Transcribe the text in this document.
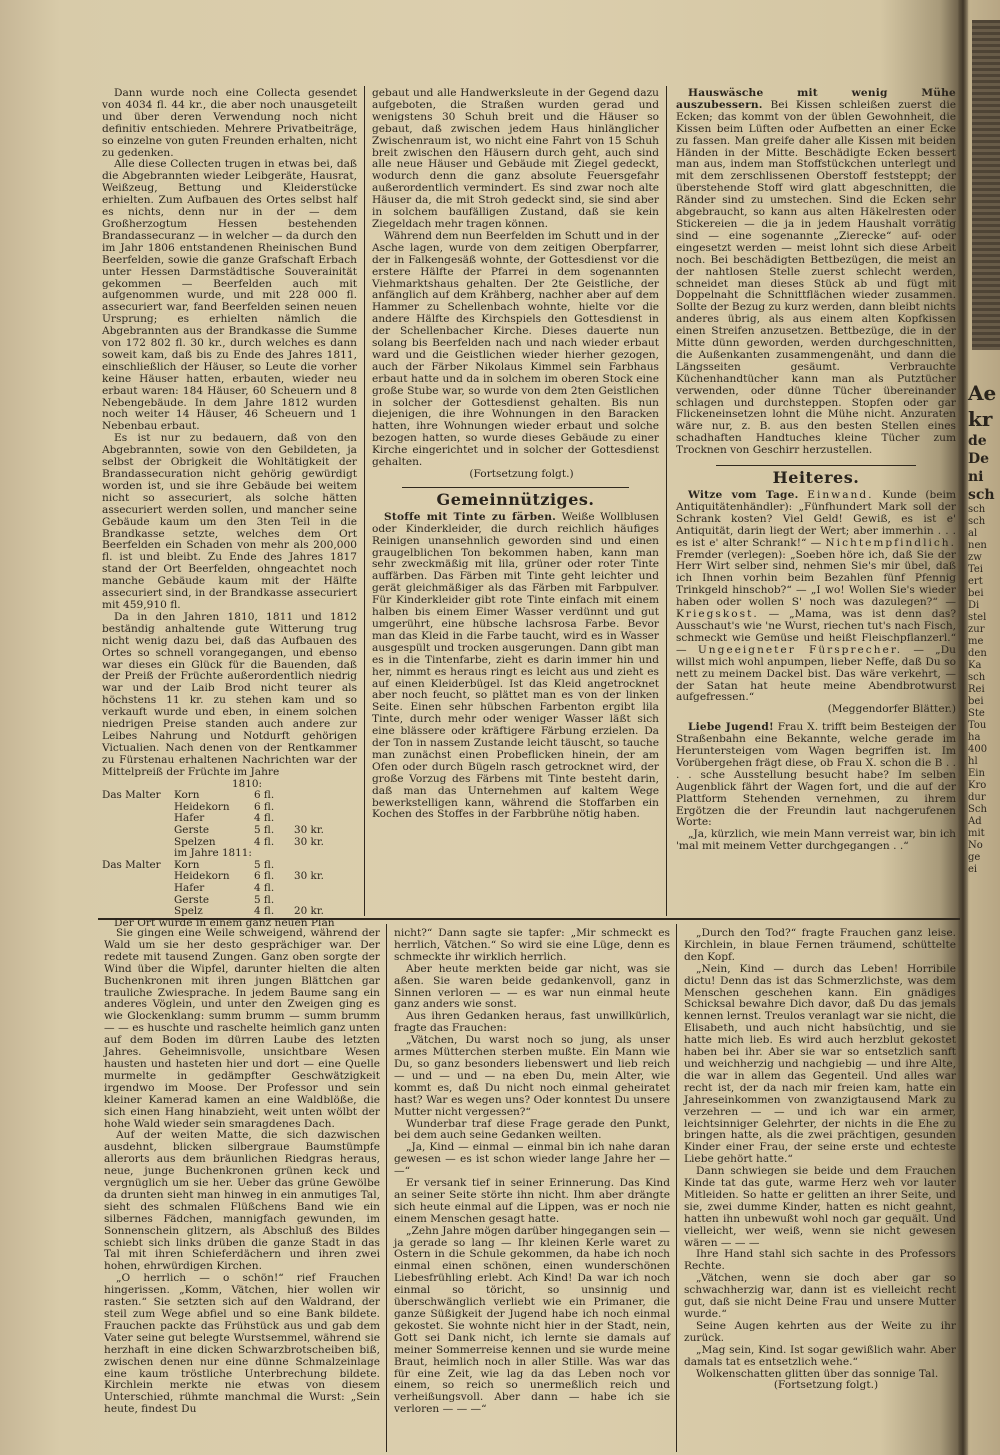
Dann wurde noch eine Collecta gesendet von 4034 fl. 44 kr., die aber noch unausgeteilt und über deren Verwendung noch nicht definitiv entschieden. Mehrere Privatbeiträge, so einzelne von guten Freunden erhalten, nicht zu gedenken.

Alle diese Collecten trugen in etwas bei, daß die Abgebrannten wieder Leibgeräte, Hausrat, Weißzeug, Bettung und Kleiderstücke erhielten. Zum Aufbauen des Ortes selbst half es nichts, denn nur in der — dem Großherzogtum Hessen bestehenden Brandassecuranz — in welcher — da durch den im Jahr 1806 entstandenen Rheinischen Bund Beerfelden, sowie die ganze Grafschaft Erbach unter Hessen Darmstädtische Souverainität gekommen — Beerfelden auch mit aufgenommen wurde, und mit 228 000 fl. assecuriert war, fand Beerfelden seinen neuen Ursprung; es erhielten nämlich die Abgebrannten aus der Brandkasse die Summe von 172 802 fl. 30 kr., durch welches es dann soweit kam, daß bis zu Ende des Jahres 1811, einschließlich der Häuser, so Leute die vorher keine Häuser hatten, erbauten, wieder neu erbaut waren: 184 Häuser, 60 Scheuern und 8 Nebengebäude. In dem Jahre 1812 wurden noch weiter 14 Häuser, 46 Scheuern und 1 Nebenbau erbaut.

Es ist nur zu bedauern, daß von den Abgebrannten, sowie von den Gebildeten, ja selbst der Obrigkeit die Wohltätigkeit der Brandassecuration nicht gehörig gewürdigt worden ist, und sie ihre Gebäude bei weitem nicht so assecuriert, als solche hätten assecuriert werden sollen, und mancher seine Gebäude kaum um den 3ten Teil in die Brandkasse setzte, welches dem Ort Beerfelden ein Schaden von mehr als 200,000 fl. ist und bleibt. Zu Ende des Jahres 1817 stand der Ort Beerfelden, ohngeachtet noch manche Gebäude kaum mit der Hälfte assecuriert sind, in der Brandkasse assecuriert mit 459,910 fl.

Da in den Jahren 1810, 1811 und 1812 beständig anhaltende gute Witterung trug nicht wenig dazu bei, daß das Aufbauen des Ortes so schnell vorangegangen, und ebenso war dieses ein Glück für die Bauenden, daß der Preiß der Früchte außerordentlich niedrig war und der Laib Brod nicht teurer als höchstens 11 kr. zu stehen kam und so verkauft wurde und eben, in einem solchen niedrigen Preise standen auch andere zur Leibes Nahrung und Notdurft gehörigen Victualien. Nach denen von der Rentkammer zu Fürstenau erhaltenen Nachrichten war der Mittelpreiß der Früchte im Jahre

1810:
Das Malter	Korn	6 fl.
Heidekorn	6 fl.
Hafer	4 fl.
Gerste	5 fl.	30 kr.
Spelzen	4 fl.	30 kr.
im Jahre 1811:
Das Malter	Korn	5 fl.
Heidekorn	6 fl.	30 kr.
Hafer	4 fl.
Gerste	5 fl.
Spelz	4 fl.	20 kr.

Der Ort wurde in einem ganz neuen Plan

gebaut und alle Handwerksleute in der Gegend dazu aufgeboten, die Straßen wurden gerad und wenigstens 30 Schuh breit und die Häuser so gebaut, daß zwischen jedem Haus hinlänglicher Zwischenraum ist, wo nicht eine Fahrt von 15 Schuh breit zwischen den Häusern durch geht, auch sind alle neue Häuser und Gebäude mit Ziegel gedeckt, wodurch denn die ganz absolute Feuersgefahr außerordentlich vermindert. Es sind zwar noch alte Häuser da, die mit Stroh gedeckt sind, sie sind aber in solchem baufälligen Zustand, daß sie kein Ziegeldach mehr tragen können.

Während dem nun Beerfelden im Schutt und in der Asche lagen, wurde von dem zeitigen Oberpfarrer, der in Falkengesäß wohnte, der Gottesdienst vor die erstere Hälfte der Pfarrei in dem sogenannten Viehmarktshaus gehalten. Der 2te Geistliche, der anfänglich auf dem Krähberg, nachher aber auf dem Hammer zu Schellenbach wohnte, hielte vor die andere Hälfte des Kirchspiels den Gottesdienst in der Schellenbacher Kirche. Dieses dauerte nun solang bis Beerfelden nach und nach wieder erbaut ward und die Geistlichen wieder hierher gezogen, auch der Färber Nikolaus Kimmel sein Farbhaus erbaut hatte und da in solchem im oberen Stock eine große Stube war, so wurde von dem 2ten Geistlichen in solcher der Gottesdienst gehalten. Bis nun diejenigen, die ihre Wohnungen in den Baracken hatten, ihre Wohnungen wieder erbaut und solche bezogen hatten, so wurde dieses Gebäude zu einer Kirche eingerichtet und in solcher der Gottesdienst gehalten.

(Fortsetzung folgt.)

Gemeinnütziges.

Stoffe mit Tinte zu färben. Weiße Wollblusen oder Kinderkleider, die durch reichlich häufiges Reinigen unansehnlich geworden sind und einen graugelblichen Ton bekommen haben, kann man sehr zweckmäßig mit lila, grüner oder roter Tinte auffärben. Das Färben mit Tinte geht leichter und gerät gleichmäßiger als das Färben mit Farbpulver. Für Kinderkleider gibt rote Tinte einfach mit einem halben bis einem Eimer Wasser verdünnt und gut umgerührt, eine hübsche lachsrosa Farbe. Bevor man das Kleid in die Farbe taucht, wird es in Wasser ausgespült und trocken ausgerungen. Dann gibt man es in die Tintenfarbe, zieht es darin immer hin und her, nimmt es heraus ringt es leicht aus und zieht es auf einen Kleiderbügel. Ist das Kleid angetrocknet aber noch feucht, so plättet man es von der linken Seite. Einen sehr hübschen Farbenton ergibt lila Tinte, durch mehr oder weniger Wasser läßt sich eine blässere oder kräftigere Färbung erzielen. Da der Ton in nassem Zustande leicht täuscht, so tauche man zunächst einen Probeflicken hinein, der am Ofen oder durch Bügeln rasch getrocknet wird, der große Vorzug des Färbens mit Tinte besteht darin, daß man das Unternehmen auf kaltem Wege bewerkstelligen kann, während die Stoffarben ein Kochen des Stoffes in der Farbbrühe nötig haben.

Hauswäsche mit wenig Mühe auszubessern. Bei Kissen schleißen zuerst die Ecken; das kommt von der üblen Gewohnheit, die Kissen beim Lüften oder Aufbetten an einer Ecke zu fassen. Man greife daher alle Kissen mit beiden Händen in der Mitte. Beschädigte Ecken bessert man aus, indem man Stoffstückchen unterlegt und mit dem zerschlissenen Oberstoff feststeppt; der überstehende Stoff wird glatt abgeschnitten, die Ränder sind zu umstechen. Sind die Ecken sehr abgebraucht, so kann aus alten Häkelresten oder Stickereien — die ja in jedem Haushalt vorrätig sind — eine sogenannte „Zierecke“ auf- oder eingesetzt werden — meist lohnt sich diese Arbeit noch. Bei beschädigten Bettbezügen, die meist an der nahtlosen Stelle zuerst schlecht werden, schneidet man dieses Stück ab und fügt mit Doppelnaht die Schnittflächen wieder zusammen. Sollte der Bezug zu kurz werden, dann bleibt nichts anderes übrig, als aus einem alten Kopfkissen einen Streifen anzusetzen. Bettbezüge, die in der Mitte dünn geworden, werden durchgeschnitten, die Außenkanten zusammengenäht, und dann die Längsseiten gesäumt. Verbrauchte Küchenhandtücher kann man als Putztücher verwenden, oder dünne Tücher übereinander schlagen und durchsteppen. Stopfen oder gar Flickeneinsetzen lohnt die Mühe nicht. Anzuraten wäre nur, z. B. aus den besten Stellen eines schadhaften Handtuches kleine Tücher zum Trocknen von Geschirr herzustellen.

Heiteres.

Witze vom Tage. Einwand. Kunde (beim Antiquitätenhändler): „Fünfhundert Mark soll der Schrank kosten? Viel Geld! Gewiß, es ist e' Antiquität, darin liegt der Wert; aber immerhin . . . es ist e' alter Schrank!“ — Nichtempfindlich. Fremder (verlegen): „Soeben höre ich, daß Sie der Herr Wirt selber sind, nehmen Sie's mir übel, daß ich Ihnen vorhin beim Bezahlen fünf Pfennig Trinkgeld hinschob?“ — „I wo! Wollen Sie's wieder haben oder wollen S' noch was dazulegen?“ — Kriegskost. — „Mama, was ist denn das? Ausschaut's wie 'ne Wurst, riechen tut's nach Fisch, schmeckt wie Gemüse und heißt Fleischpflanzerl.“ — Ungeeigneter Fürsprecher. — „Du willst mich wohl anpumpen, lieber Neffe, daß Du so nett zu meinem Dackel bist. Das wäre verkehrt, — der Satan hat heute meine Abendbrotwurst aufgefressen.“

(Meggendorfer Blätter.)

Liebe Jugend! Frau X. trifft beim Besteigen der Straßenbahn eine Bekannte, welche gerade im Heruntersteigen vom Wagen begriffen ist. Im Vorübergehen frägt diese, ob Frau X. schon die B . . . . sche Ausstellung besucht habe? Im selben Augenblick fährt der Wagen fort, und die auf der Plattform Stehenden vernehmen, zu ihrem Ergötzen die der Freundin laut nachgerufenen Worte:

„Ja, kürzlich, wie mein Mann verreist war, bin ich 'mal mit meinem Vetter durchgegangen . .“

Sie gingen eine Weile schweigend, während der Wald um sie her desto gesprächiger war. Der redete mit tausend Zungen. Ganz oben sorgte der Wind über die Wipfel, darunter hielten die alten Buchenkronen mit ihren jungen Blättchen gar trauliche Zwiesprache. In jedem Baume sang ein anderes Vöglein, und unter den Zweigen ging es wie Glockenklang: summ brumm — summ brumm — — es huschte und raschelte heimlich ganz unten auf dem Boden im dürren Laube des letzten Jahres. Geheimnisvolle, unsichtbare Wesen hausten und hasteten hier und dort — eine Quelle murmelte in gedämpfter Geschwätzigkeit irgendwo im Moose. Der Professor und sein kleiner Kamerad kamen an eine Waldblöße, die sich einen Hang hinabzieht, weit unten wölbt der hohe Wald wieder sein smaragdenes Dach.

Auf der weiten Matte, die sich dazwischen ausdehnt, blicken silbergraue Baumstümpfe allerorts aus dem bräunlichen Riedgras heraus, neue, junge Buchenkronen grünen keck und vergnüglich um sie her. Ueber das grüne Gewölbe da drunten sieht man hinweg in ein anmutiges Tal, sieht des schmalen Flüßchens Band wie ein silbernes Fädchen, mannigfach gewunden, im Sonnenschein glitzern, als Abschluß des Bildes schiebt sich links drüben die ganze Stadt in das Tal mit ihren Schieferdächern und ihren zwei hohen, ehrwürdigen Kirchen.

„O herrlich — o schön!“ rief Frauchen hingerissen. „Komm, Vätchen, hier wollen wir rasten.“ Sie setzten sich auf den Waldrand, der steil zum Wege abfiel und so eine Bank bildete. Frauchen packte das Frühstück aus und gab dem Vater seine gut belegte Wurstsemmel, während sie herzhaft in eine dicken Schwarzbrotscheiben biß, zwischen denen nur eine dünne Schmalzeinlage eine kaum tröstliche Unterbrechung bildete. Kirchlein merkte nie etwas von diesem Unterschied, rühmte manchmal die Wurst: „Sein heute, findest Du

nicht?“ Dann sagte sie tapfer: „Mir schmeckt es herrlich, Vätchen.“ So wird sie eine Lüge, denn es schmeckte ihr wirklich herrlich.

Aber heute merkten beide gar nicht, was sie aßen. Sie waren beide gedankenvoll, ganz in Sinnen verloren — — es war nun einmal heute ganz anders wie sonst.

Aus ihren Gedanken heraus, fast unwillkürlich, fragte das Frauchen:

„Vätchen, Du warst noch so jung, als unser armes Mütterchen sterben mußte. Ein Mann wie Du, so ganz besonders liebenswert und lieb reich — und — und — na eben Du, mein Alter, wie kommt es, daß Du nicht noch einmal geheiratet hast? War es wegen uns? Oder konntest Du unsere Mutter nicht vergessen?“

Wunderbar traf diese Frage gerade den Punkt, bei dem auch seine Gedanken weilten.

„Ja, Kind — einmal — einmal bin ich nahe daran gewesen — es ist schon wieder lange Jahre her — —“

Er versank tief in seiner Erinnerung. Das Kind an seiner Seite störte ihn nicht. Ihm aber drängte sich heute einmal auf die Lippen, was er noch nie einem Menschen gesagt hatte.

„Zehn Jahre mögen darüber hingegangen sein — ja gerade so lang — Ihr kleinen Kerle waret zu Ostern in die Schule gekommen, da habe ich noch einmal einen schönen, einen wunderschönen Liebesfrühling erlebt. Ach Kind! Da war ich noch einmal so töricht, so unsinnig und überschwänglich verliebt wie ein Primaner, die ganze Süßigkeit der Jugend habe ich noch einmal gekostet. Sie wohnte nicht hier in der Stadt, nein, Gott sei Dank nicht, ich lernte sie damals auf meiner Sommerreise kennen und sie wurde meine Braut, heimlich noch in aller Stille. Was war das für eine Zeit, wie lag da das Leben noch vor einem, so reich so unermeßlich reich und verheißungsvoll. Aber dann — habe ich sie verloren — — —“

„Durch den Tod?“ fragte Frauchen ganz leise. Kirchlein, in blaue Fernen träumend, schüttelte den Kopf.

„Nein, Kind — durch das Leben! Horribile dictu! Denn das ist das Schmerzlichste, was dem Menschen geschehen kann. Ein gnädiges Schicksal bewahre Dich davor, daß Du das jemals kennen lernst. Treulos veranlagt war sie nicht, die Elisabeth, und auch nicht habsüchtig, und sie hatte mich lieb. Es wird auch herzblut gekostet haben bei ihr. Aber sie war so entsetzlich sanft und weichherzig und nachgiebig — und ihre Alte, die war in allem das Gegenteil. Und alles war recht ist, der da nach mir freien kam, hatte ein Jahreseinkommen von zwanzigtausend Mark zu verzehren — — und ich war ein armer, leichtsinniger Gelehrter, der nichts in die Ehe zu bringen hatte, als die zwei prächtigen, gesunden Kinder einer Frau, der seine erste und echteste Liebe gehört hatte.“

Dann schwiegen sie beide und dem Frauchen Kinde tat das gute, warme Herz weh vor lauter Mitleiden. So hatte er gelitten an ihrer Seite, und sie, zwei dumme Kinder, hatten es nicht geahnt, hatten ihn unbewußt wohl noch gar gequält. Und vielleicht, wer weiß, wenn sie nicht gewesen wären — — —

Ihre Hand stahl sich sachte in des Professors Rechte.

„Vätchen, wenn sie doch aber gar so schwachherzig war, dann ist es vielleicht recht gut, daß sie nicht Deine Frau und unsere Mutter wurde.“

Seine Augen kehrten aus der Weite zu ihr zurück.

„Mag sein, Kind. Ist sogar gewißlich wahr. Aber damals tat es entsetzlich wehe.“

Wolkenschatten glitten über das sonnige Tal.

(Fortsetzung folgt.)

Ae
kr
de
De
ni
sch
sch
sch
al
nen
zw
Tei
ert
bei
Di
stel
zur
me
den
Ka
sch
Rei
bei
Ste
Tou
ha
400
hl
Ein
Kro
dur
Sch
Ad
mit
No
ge
ei
